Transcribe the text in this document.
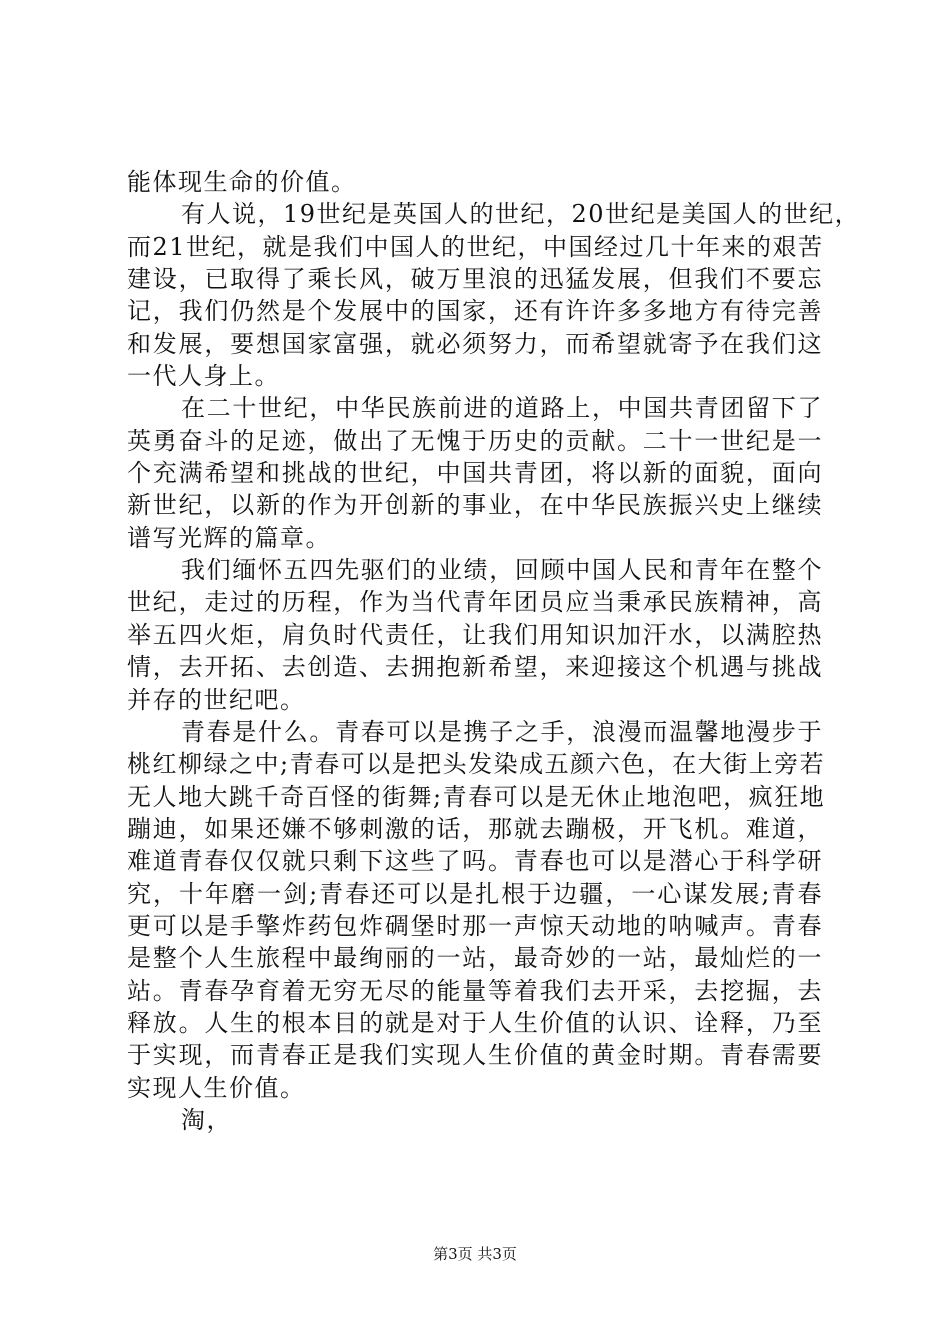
能体现生命的价值。
有人说，19世纪是英国人的世纪，20世纪是美国人的世纪，
而21世纪，就是我们中国人的世纪，中国经过几十年来的艰苦
建设，已取得了乘长风，破万里浪的迅猛发展，但我们不要忘
记，我们仍然是个发展中的国家，还有许许多多地方有待完善
和发展，要想国家富强，就必须努力，而希望就寄予在我们这
一代人身上。
在二十世纪，中华民族前进的道路上，中国共青团留下了
英勇奋斗的足迹，做出了无愧于历史的贡献。二十一世纪是一
个充满希望和挑战的世纪，中国共青团，将以新的面貌，面向
新世纪，以新的作为开创新的事业，在中华民族振兴史上继续
谱写光辉的篇章。
我们缅怀五四先驱们的业绩，回顾中国人民和青年在整个
世纪，走过的历程，作为当代青年团员应当秉承民族精神，高
举五四火炬，肩负时代责任，让我们用知识加汗水，以满腔热
情，去开拓、去创造、去拥抱新希望，来迎接这个机遇与挑战
并存的世纪吧。
青春是什么。青春可以是携子之手，浪漫而温馨地漫步于
桃红柳绿之中;青春可以是把头发染成五颜六色，在大街上旁若
无人地大跳千奇百怪的街舞;青春可以是无休止地泡吧，疯狂地
蹦迪，如果还嫌不够刺激的话，那就去蹦极，开飞机。难道，
难道青春仅仅就只剩下这些了吗。青春也可以是潜心于科学研
究，十年磨一剑;青春还可以是扎根于边疆，一心谋发展;青春
更可以是手擎炸药包炸碉堡时那一声惊天动地的呐喊声。青春
是整个人生旅程中最绚丽的一站，最奇妙的一站，最灿烂的一
站。青春孕育着无穷无尽的能量等着我们去开采，去挖掘，去
释放。人生的根本目的就是对于人生价值的认识、诠释，乃至
于实现，而青春正是我们实现人生价值的黄金时期。青春需要
实现人生价值。
淘，
第3页 共3页
